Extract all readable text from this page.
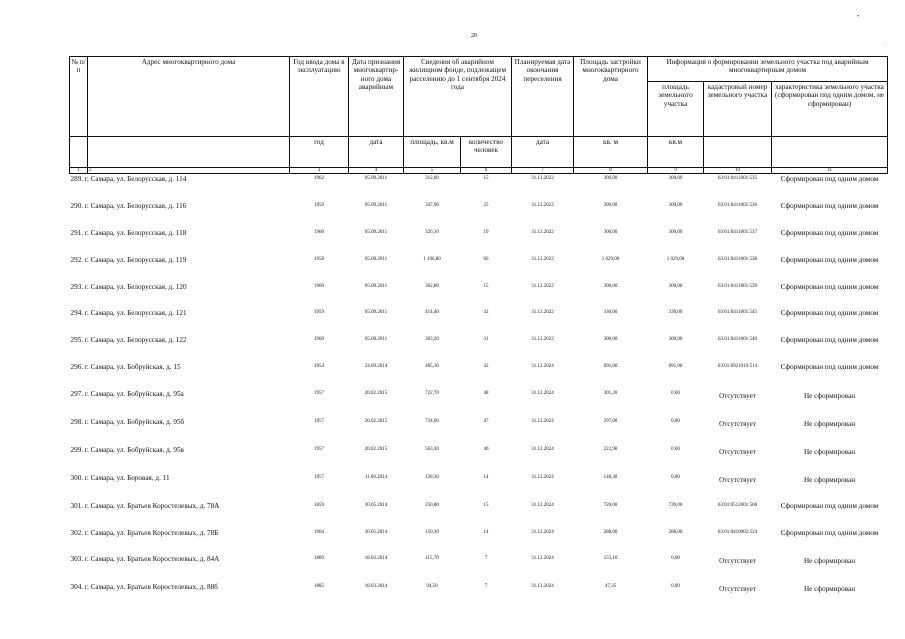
20
•
·
№ п/п	Адрес многоквартирного дома	Год ввода дома в эксплуатацию	Дата признания многоквартир-ного дома аварийным	Сведения об аварийном жилищном фонде, подлежащем расселению до 1 сентября 2024 года		Планируемая дата окончания переселения	Площадь застройки многоквартирного дома	Информация о формировании земельного участка под аварийным многоквартирным домом		
								площадь земельного участка	кадастровый номер земельного участка	характеристика земельного участка (сформирован под одним домом, не сформирован)
		год	дата	площадь, кв.м	количество человек	дата	кв. м	кв.м		
1	2	3	4	5	6	7	8	9	10	11
289. г. Самара, ул. Белорусская, д. 114		1962	05.09.2011	312,80	15	31.12.2022	300,00	300,00	63:01:0411001:535	Сформирован под одним домом
290. г. Самара, ул. Белорусская, д. 116		1959	05.09.2011	347,90	25	31.12.2022	300,00	300,00	63:01:0411001:536	Сформирован под одним домом
291. г. Самара, ул. Белорусская, д. 118		1960	05.09.2011	326,10	19	31.12.2022	300,00	300,00	63:01:0411001:537	Сформирован под одним домом
292. г. Самара, ул. Белорусская, д. 119		1958	05.09.2011	1 196,80	66	31.12.2022	1 029,00	1 029,00	63:01:0411001:538	Сформирован под одним домом
293. г. Самара, ул. Белорусская, д. 120		1960	05.09.2011	302,80	15	31.12.2022	300,00	300,00	63:01:0411001:539	Сформирован под одним домом
294. г. Самара, ул. Белорусская, д. 121		1959	05.09.2011	414,40	32	31.12.2022	330,00	330,00	63:01:0411001:545	Сформирован под одним домом
295. г. Самара, ул. Белорусская, д. 122		1960	05.09.2011	303,20	31	31.12.2022	300,00	300,00	63:01:0411001:540	Сформирован под одним домом
296. г. Самара, ул. Бобруйская, д. 15		1954	24.09.2014	485,30	42	31.12.2024	691,00	691,00	63:01:0921019:514	Сформирован под одним домом
297. г. Самара, ул. Бобруйская, д. 95а		1957	20.02.2015	722,70	48	31.12.2024	301,20	0,00	Отсутствует	Не сформирован
298. г. Самара, ул. Бобруйская, д. 95б		1957	20.02.2015	734,60	47	31.12.2024	297,00	0,00	Отсутствует	Не сформирован
299. г. Самара, ул. Бобруйская, д. 95в		1957	20.02.2015	563,30	40	31.12.2024	222,90	0,00	Отсутствует	Не сформирован
300. г. Самара, ул. Боровая, д. 11		1957	11.06.2014	128,30	14	31.12.2024	148,30	0,00	Отсутствует	Не сформирован
301. г. Самара, ул. Братьев Коростелевых, д. 78А		1859	30.05.2014	250,80	15	31.12.2024	720,00	720,00	63:01:0512001:506	Сформирован под одним домом
302. г. Самара, ул. Братьев Коростелевых, д. 78Б		1904	30.05.2014	150,30	14	31.12.2024	288,00	288,00	63:01:0410002:524	Сформирован под одним домом
303. г. Самара, ул. Братьев Коростелевых, д. 84А		1889	18.03.2014	115,70	7	31.12.2024	153,10	0,00	Отсутствует	Не сформирован
304. г. Самара, ул. Братьев Коростелевых, д. 88б		1885	18.03.2014	94,50	7	31.12.2024	47,35	0,00	Отсутствует	Не сформирован
